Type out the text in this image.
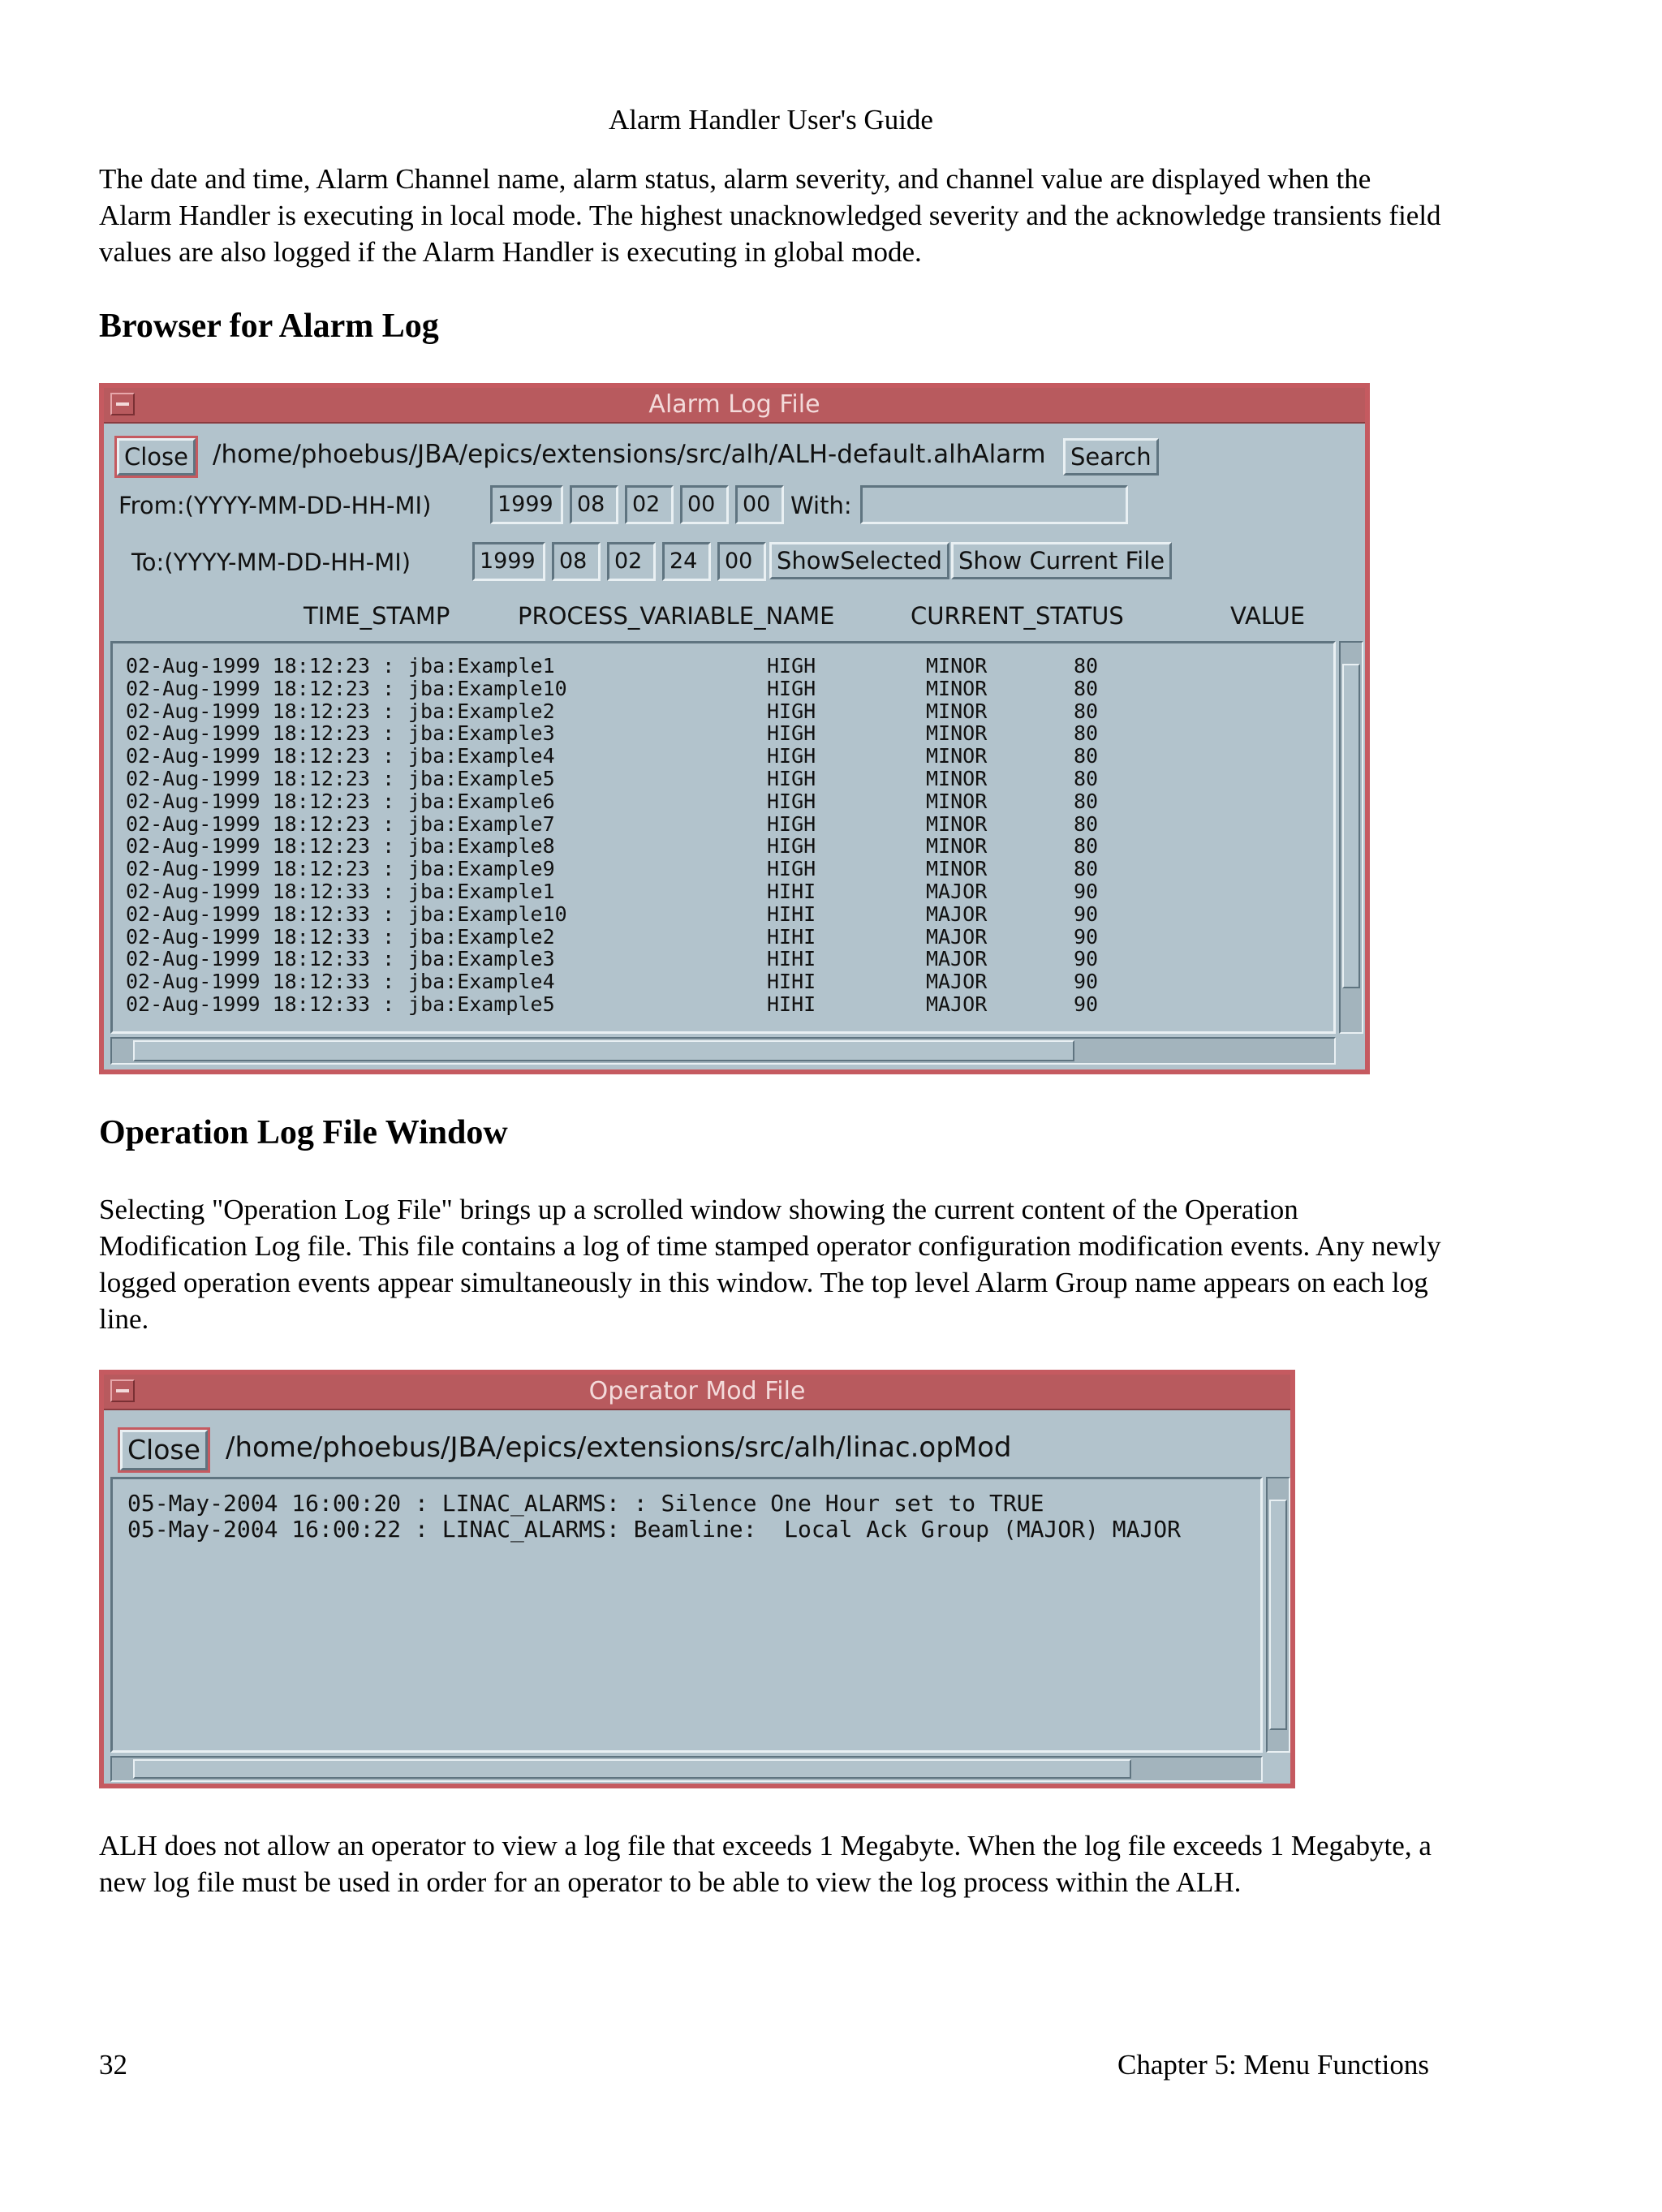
Alarm Handler User's Guide

The date and time, Alarm Channel name, alarm status, alarm severity, and channel value are displayed when the Alarm Handler is executing in local mode. The highest unacknowledged severity and the acknowledge transients field values are also logged if the Alarm Handler is executing in global mode.

Browser for Alarm Log
Alarm Log File
Close /home/phoebus/JBA/epics/extensions/src/alh/ALH-default.alhAlarm	Search
From:(YYYY-MM-DD-HH-MI)	1999	08	02	00	00 With:
To:(YYYY-MM-DD-HH-MI)	1999	08	02	24	00	ShowSelected Show Current File
TIME_STAMP	PROCESS_VARIABLE_NAME	CURRENT_STATUS	VALUE
02-Aug-1999 18:12:23 : jba:Example1	HIGH	MINOR	80
02-Aug-1999 18:12:23 : jba:Example10	HIGH	MINOR	80
02-Aug-1999 18:12:23 : jba:Example2	HIGH	MINOR	80
02-Aug-1999 18:12:23 : jba:Example3	HIGH	MINOR	80
02-Aug-1999 18:12:23 : jba:Example4	HIGH	MINOR	80
02-Aug-1999 18:12:23 : jba:Example5	HIGH	MINOR	80
02-Aug-1999 18:12:23 : jba:Example6	HIGH	MINOR	80
02-Aug-1999 18:12:23 : jba:Example7	HIGH	MINOR	80
02-Aug-1999 18:12:23 : jba:Example8	HIGH	MINOR	80
02-Aug-1999 18:12:23 : jba:Example9	HIGH	MINOR	80
02-Aug-1999 18:12:33 : jba:Example1	HIHI	MAJOR	90
02-Aug-1999 18:12:33 : jba:Example10	HIHI	MAJOR	90
02-Aug-1999 18:12:33 : jba:Example2	HIHI	MAJOR	90
02-Aug-1999 18:12:33 : jba:Example3	HIHI	MAJOR	90
02-Aug-1999 18:12:33 : jba:Example4	HIHI	MAJOR	90
02-Aug-1999 18:12:33 : jba:Example5	HIHI	MAJOR	90
Operation Log File Window

Selecting "Operation Log File" brings up a scrolled window showing the current content of the Operation Modification Log file. This file contains a log of time stamped operator configuration modification events. Any newly logged operation events appear simultaneously in this window. The top level Alarm Group name appears on each log line.

Operator Mod File
Close /home/phoebus/JBA/epics/extensions/src/alh/linac.opMod
05-May-2004 16:00:20 : LINAC_ALARMS: : Silence One Hour set to TRUE
05-May-2004 16:00:22 : LINAC_ALARMS: Beamline:  Local Ack Group (MAJOR) MAJOR

ALH does not allow an operator to view a log file that exceeds 1 Megabyte. When the log file exceeds 1 Megabyte, a new log file must be used in order for an operator to be able to view the log process within the ALH.

32	Chapter 5: Menu Functions
